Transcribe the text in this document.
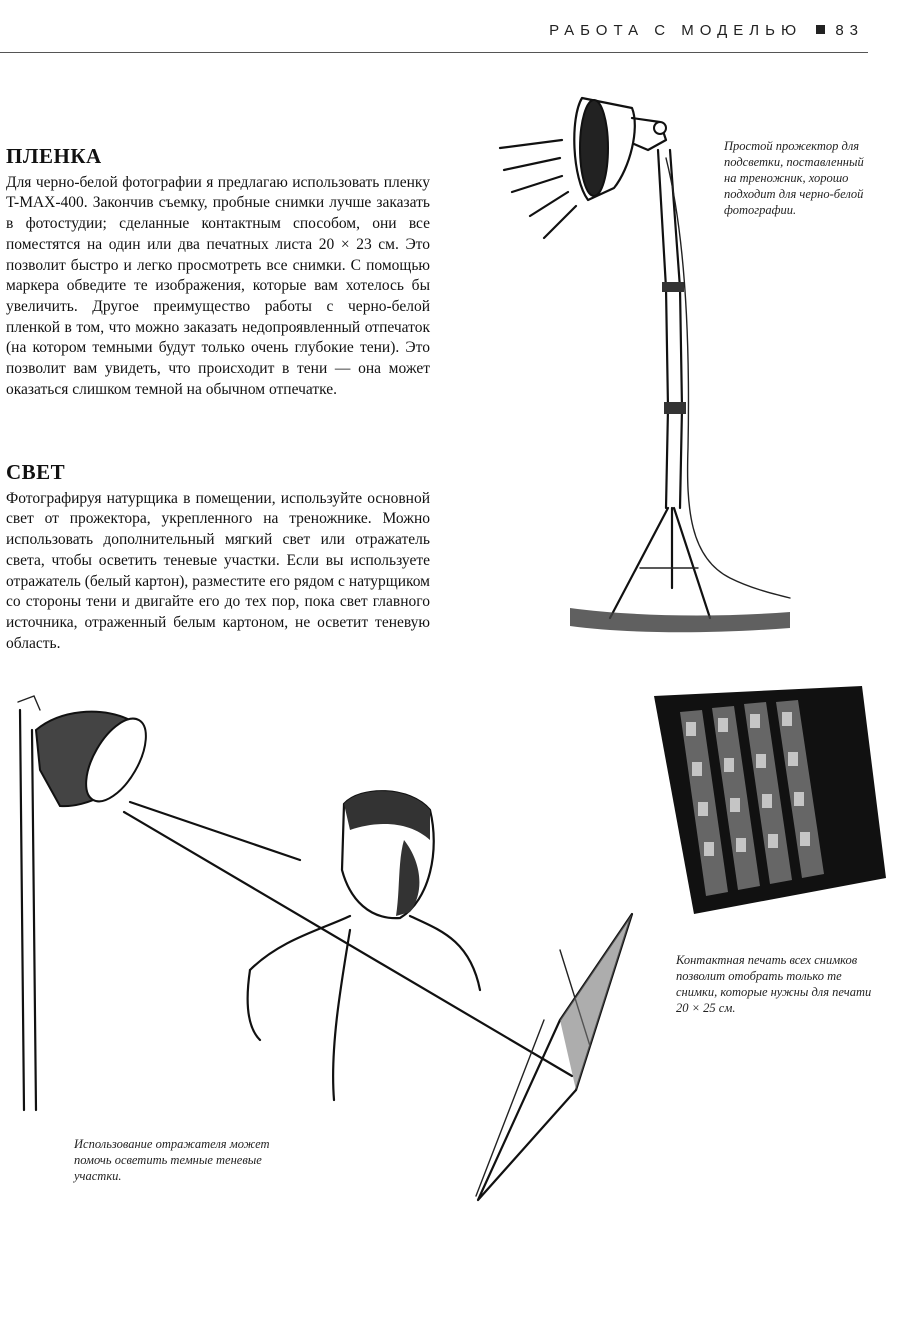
РАБОТА С МОДЕЛЬЮ 83
ПЛЕНКА

Для черно-белой фотографии я предлагаю использовать пленку T-MAX-400. Закончив съемку, пробные снимки лучше заказать в фотостудии; сделанные контактным способом, они все поместятся на один или два печатных листа 20 × 23 см. Это позволит быстро и легко просмотреть все снимки. С помощью маркера обведите те изображения, которые вам хотелось бы увеличить. Другое преимущество работы с черно-белой пленкой в том, что можно заказать недопроявленный отпечаток (на котором темными будут только очень глубокие тени). Это позволит вам увидеть, что происходит в тени — она может оказаться слишком темной на обычном отпечатке.

СВЕТ

Фотографируя натурщика в помещении, используйте основной свет от прожектора, укрепленного на треножнике. Можно использовать дополнительный мягкий свет или отражатель света, чтобы осветить теневые участки. Если вы используете отражатель (белый картон), разместите его рядом с натурщиком со стороны тени и двигайте его до тех пор, пока свет главного источника, отраженный белым картоном, не осветит теневую область.

Простой прожектор для подсветки, поставленный на треножник, хорошо подходит для черно-белой фотографии.
Контактная печать всех снимков позволит отобрать только те снимки, которые нужны для печати 20 × 25 см.
Использование отражателя может помочь осветить темные теневые участки.
